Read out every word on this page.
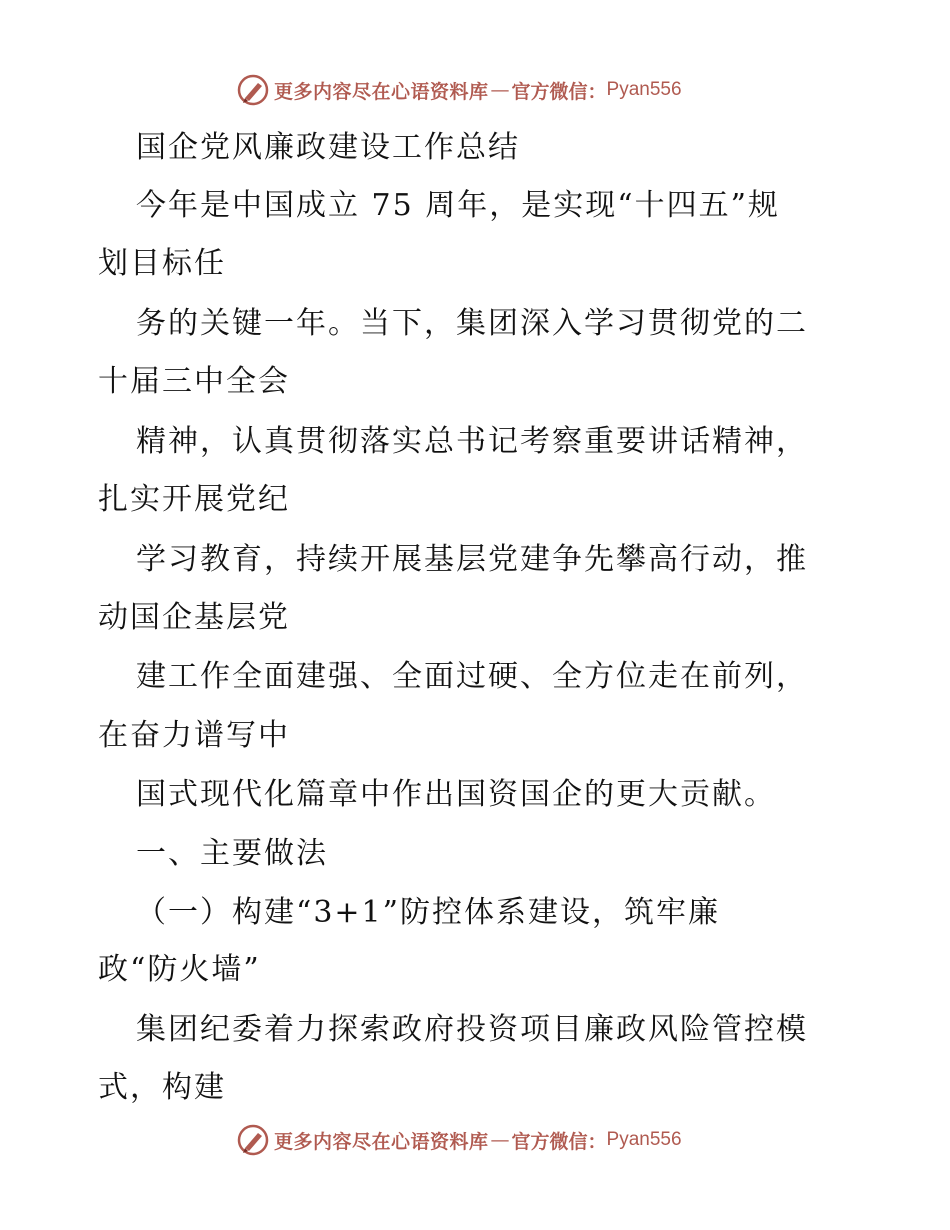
更多内容尽在心语资料库 — 官方微信： Pyan556
国企党风廉政建设工作总结
今年是中国成立 75 周年，是实现“十四五”规
划目标任
务的关键一年。当下，集团深入学习贯彻党的二
十届三中全会
精神，认真贯彻落实总书记考察重要讲话精神，
扎实开展党纪
学习教育，持续开展基层党建争先攀高行动，推
动国企基层党
建工作全面建强、全面过硬、全方位走在前列，
在奋力谱写中
国式现代化篇章中作出国资国企的更大贡献。
一、主要做法
（一）构建“3+1”防控体系建设，筑牢廉
政“防火墙”
集团纪委着力探索政府投资项目廉政风险管控模
式，构建
更多内容尽在心语资料库 — 官方微信： Pyan556
